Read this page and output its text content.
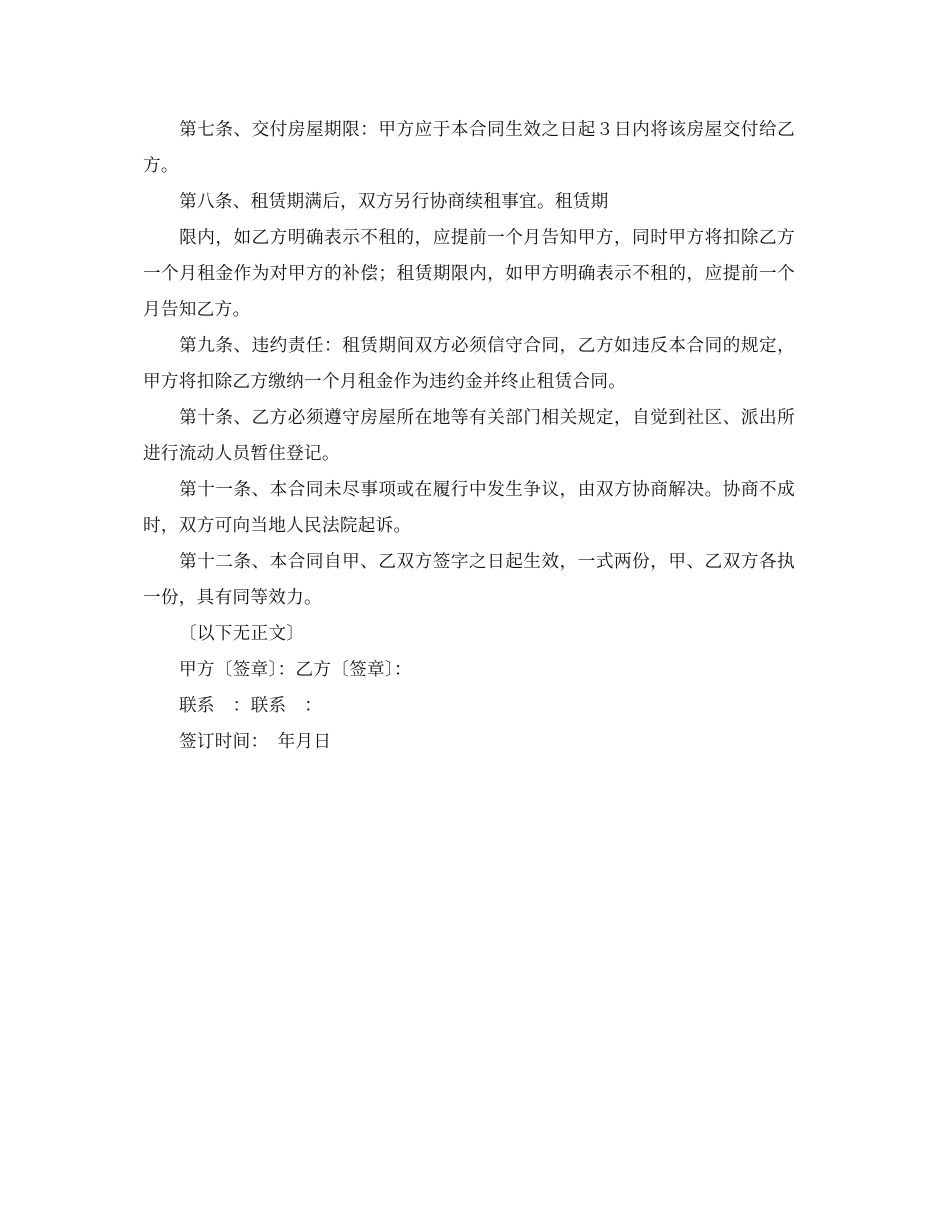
第七条、交付房屋期限：甲方应于本合同生效之日起３日内将该房屋交付给乙方。

第八条、租赁期满后，双方另行协商续租事宜。租赁期

限内，如乙方明确表示不租的，应提前一个月告知甲方，同时甲方将扣除乙方一个月租金作为对甲方的补偿；租赁期限内，如甲方明确表示不租的，应提前一个月告知乙方。

第九条、违约责任：租赁期间双方必须信守合同，乙方如违反本合同的规定，甲方将扣除乙方缴纳一个月租金作为违约金并终止租赁合同。

第十条、乙方必须遵守房屋所在地等有关部门相关规定，自觉到社区、派出所进行流动人员暂住登记。

第十一条、本合同未尽事项或在履行中发生争议，由双方协商解决。协商不成时，双方可向当地人民法院起诉。

第十二条、本合同自甲、乙双方签字之日起生效，一式两份，甲、乙双方各执一份，具有同等效力。

〔以下无正文〕

甲方〔签章〕：乙方〔签章〕：

联系　：联系　：

签订时间：　年月日
